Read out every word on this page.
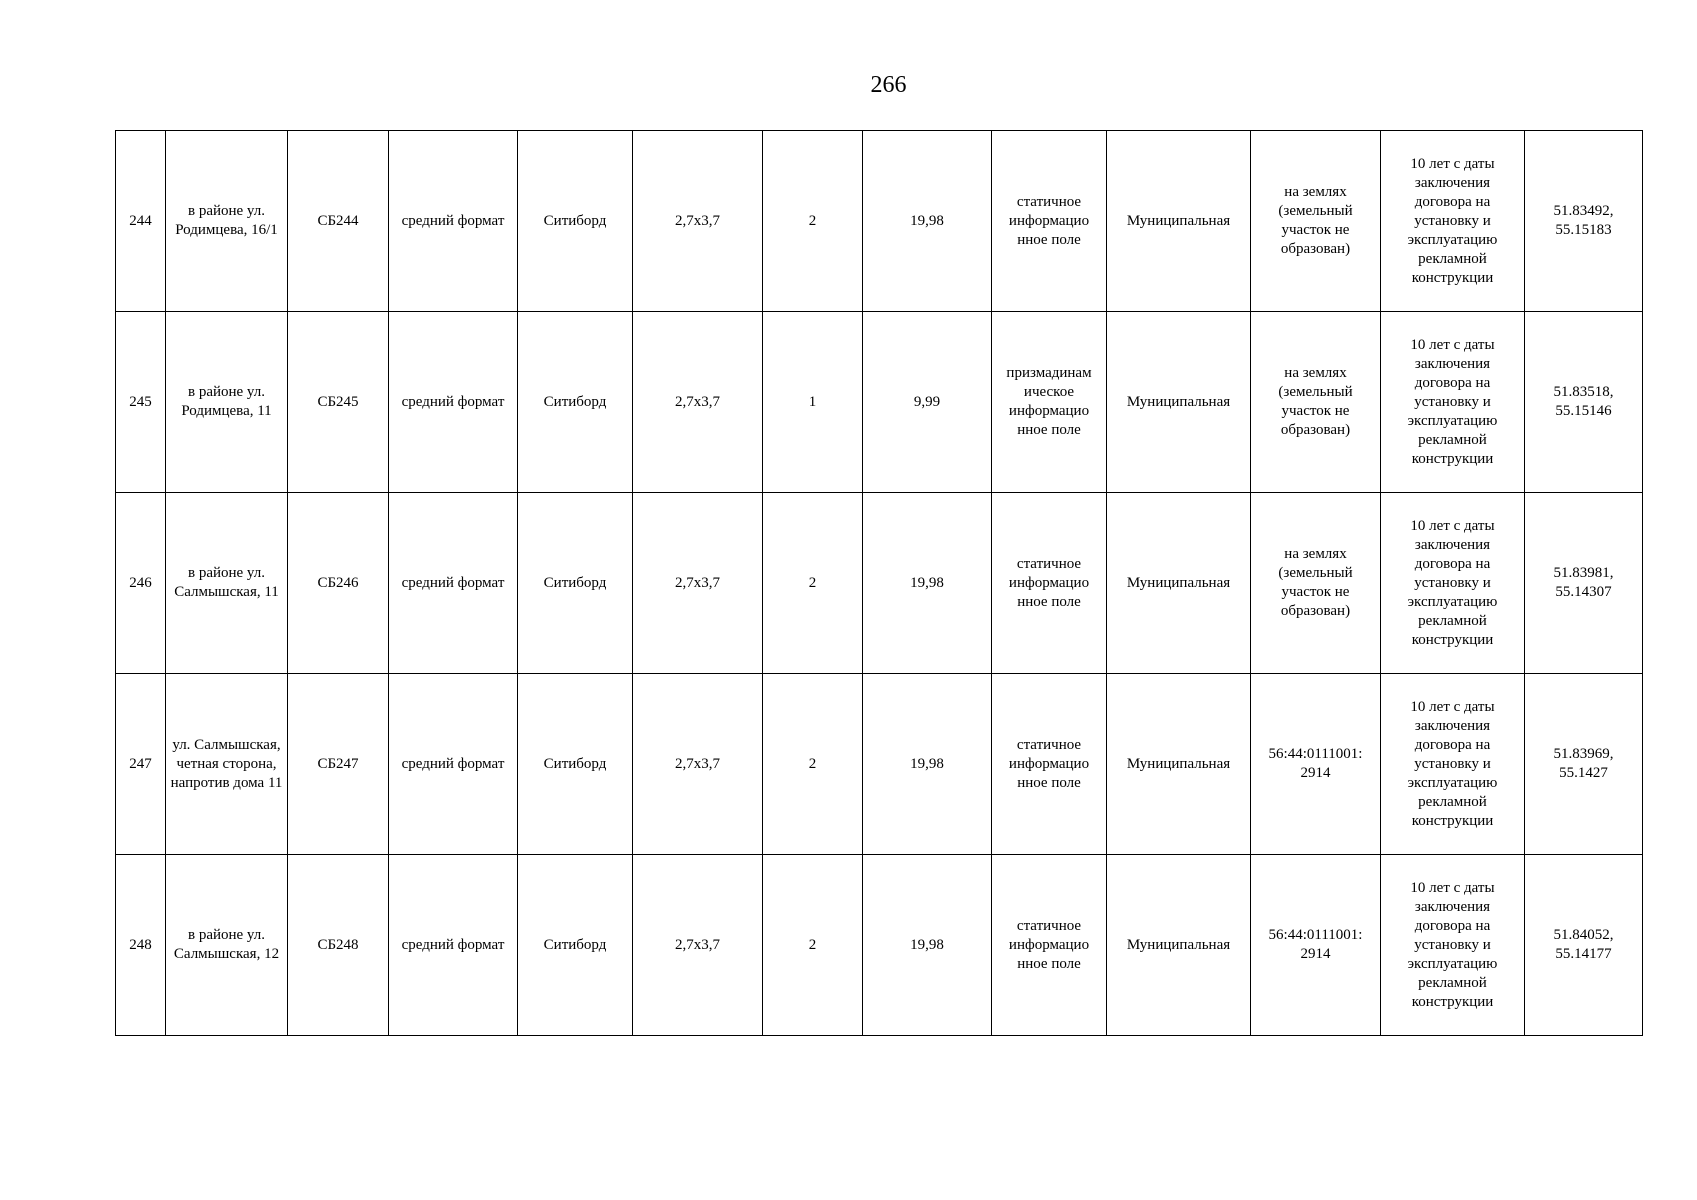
266
244	в районе ул. Родимцева, 16/1	СБ244	средний формат	Ситиборд	2,7х3,7	2	19,98	статичное информацио нное поле	Муниципальная	на землях (земельный участок не образован)	10 лет с даты заключения договора на установку и эксплуатацию рекламной конструкции	51.83492, 55.15183
245	в районе ул. Родимцева, 11	СБ245	средний формат	Ситиборд	2,7х3,7	1	9,99	призмадинам ическое информацио нное поле	Муниципальная	на землях (земельный участок не образован)	10 лет с даты заключения договора на установку и эксплуатацию рекламной конструкции	51.83518, 55.15146
246	в районе ул. Салмышская, 11	СБ246	средний формат	Ситиборд	2,7х3,7	2	19,98	статичное информацио нное поле	Муниципальная	на землях (земельный участок не образован)	10 лет с даты заключения договора на установку и эксплуатацию рекламной конструкции	51.83981, 55.14307
247	ул. Салмышская, четная сторона, напротив дома 11	СБ247	средний формат	Ситиборд	2,7х3,7	2	19,98	статичное информацио нное поле	Муниципальная	56:44:0111001: 2914	10 лет с даты заключения договора на установку и эксплуатацию рекламной конструкции	51.83969, 55.1427
248	в районе ул. Салмышская, 12	СБ248	средний формат	Ситиборд	2,7х3,7	2	19,98	статичное информацио нное поле	Муниципальная	56:44:0111001: 2914	10 лет с даты заключения договора на установку и эксплуатацию рекламной конструкции	51.84052, 55.14177
